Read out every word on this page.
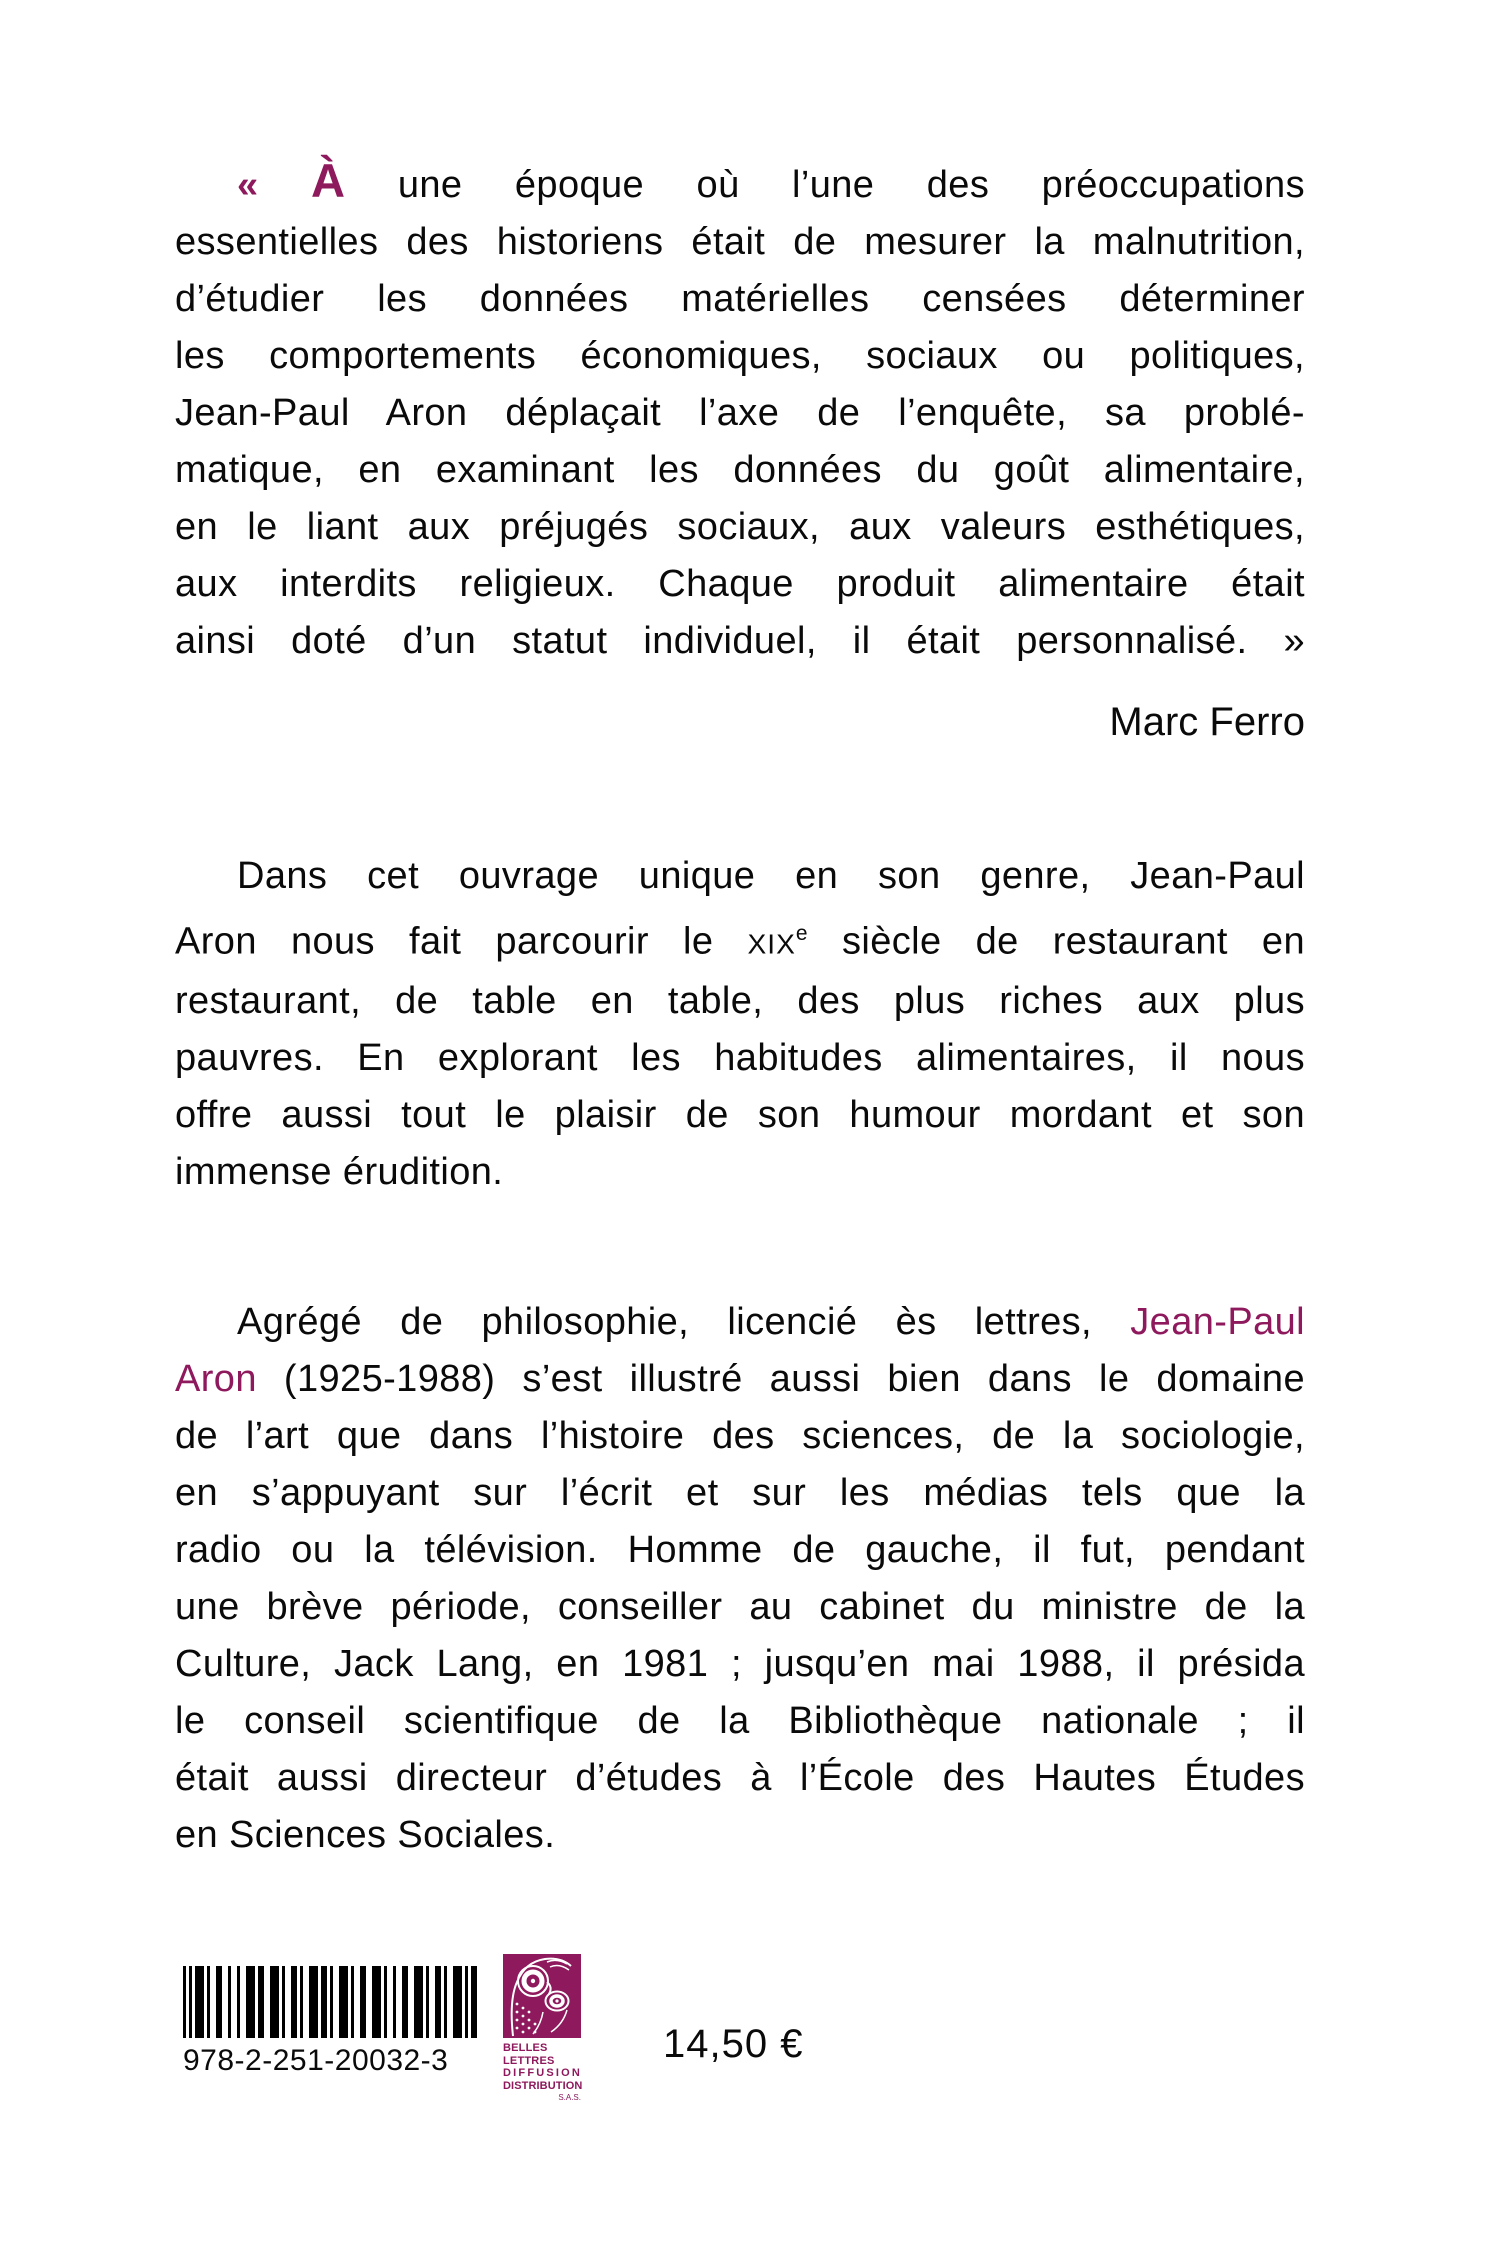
« À une époque où l’une des préoccupations
essentielles des historiens était de mesurer la malnutrition,
d’étudier les données matérielles censées déterminer
les comportements économiques, sociaux ou politiques,
Jean-Paul Aron déplaçait l’axe de l’enquête, sa problé-
matique, en examinant les données du goût alimentaire,
en le liant aux préjugés sociaux, aux valeurs esthétiques,
aux interdits religieux. Chaque produit alimentaire était
ainsi doté d’un statut individuel, il était personnalisé. »
Marc Ferro
Dans cet ouvrage unique en son genre, Jean-Paul
Aron nous fait parcourir le XIXe siècle de restaurant en
restaurant, de table en table, des plus riches aux plus
pauvres. En explorant les habitudes alimentaires, il nous
offre aussi tout le plaisir de son humour mordant et son
immense érudition.
Agrégé de philosophie, licencié ès lettres, Jean-Paul
Aron (1925-1988) s’est illustré aussi bien dans le domaine
de l’art que dans l’histoire des sciences, de la sociologie,
en s’appuyant sur l’écrit et sur les médias tels que la
radio ou la télévision. Homme de gauche, il fut, pendant
une brève période, conseiller au cabinet du ministre de la
Culture, Jack Lang, en 1981 ; jusqu’en mai 1988, il présida
le conseil scientifique de la Bibliothèque nationale ; il
était aussi directeur d’études à l’École des Hautes Études
en Sciences Sociales.
978-2-251-20032-3	BELLES LETTRES
DIFFUSION
DISTRIBUTION
S.A.S.
14,50 €
